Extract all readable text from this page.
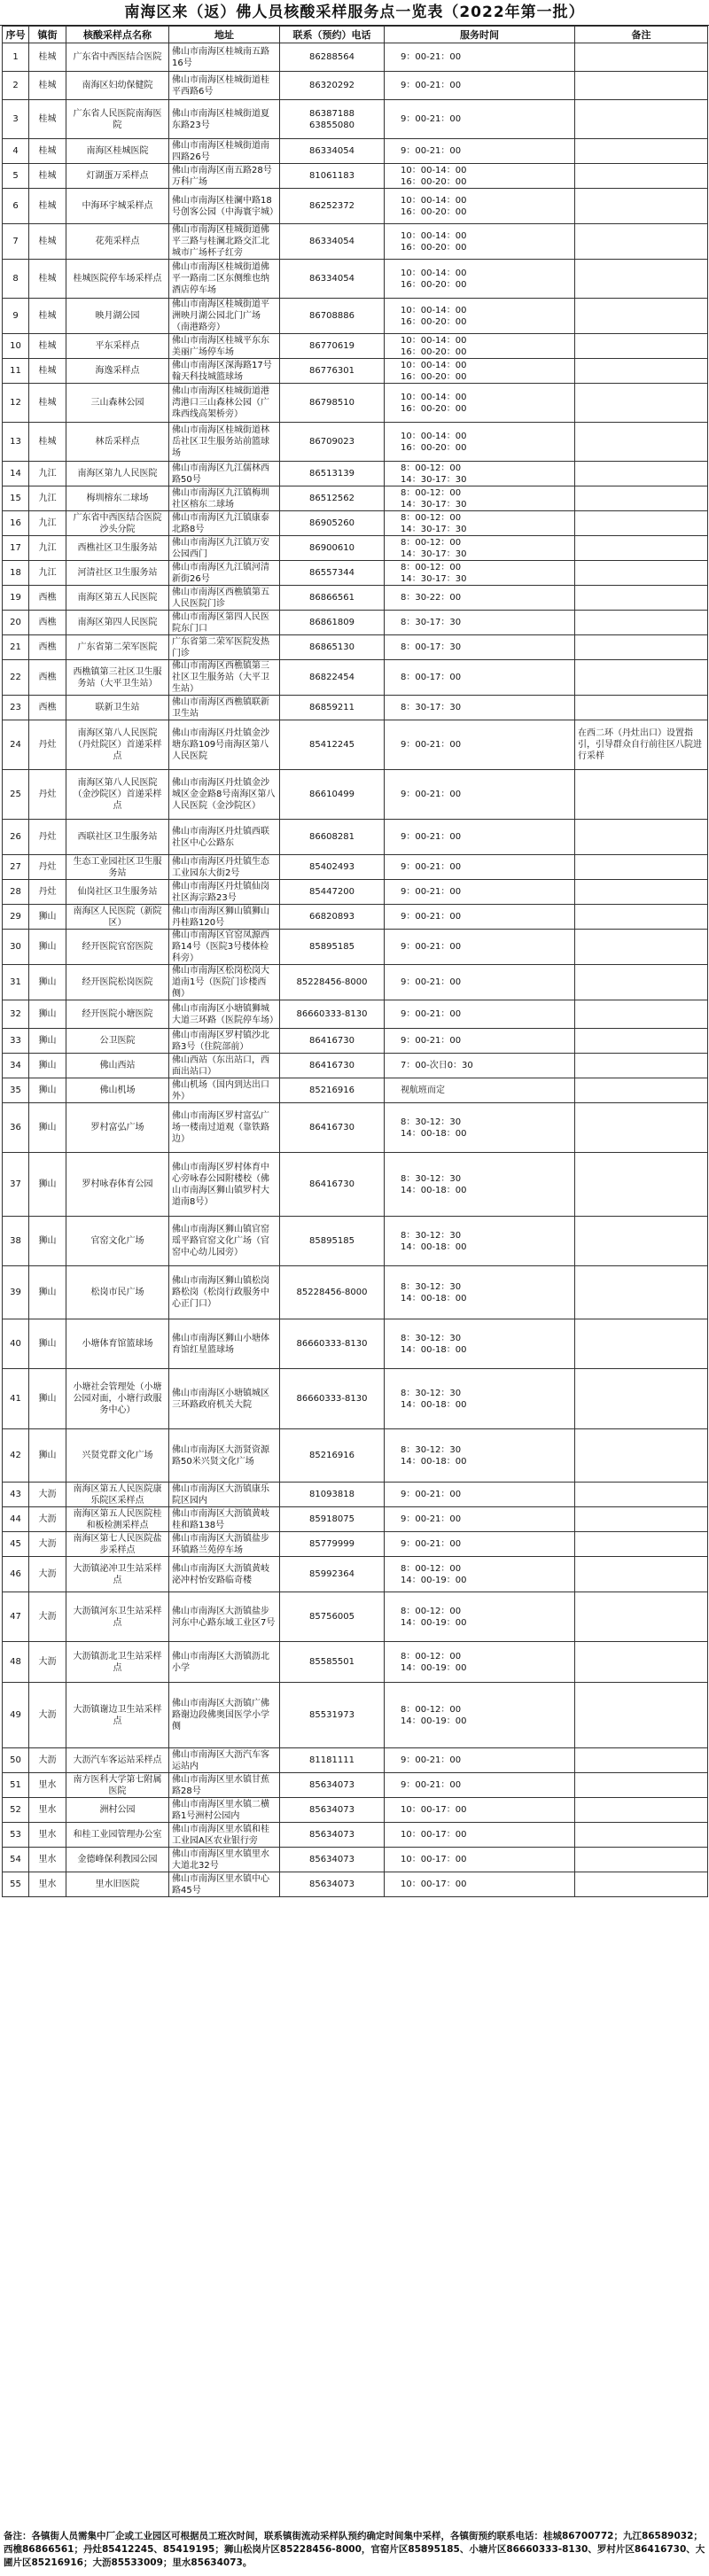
南海区来（返）佛人员核酸采样服务点一览表（2022年第一批）
序号	镇街	核酸采样点名称	地址	联系（预约）电话	服务时间	备注
1	桂城	广东省中西医结合医院	佛山市南海区桂城南五路16号	86288564	9：00-21：00	
2	桂城	南海区妇幼保健院	佛山市南海区桂城街道桂平西路6号	86320292	9：00-21：00	
3	桂城	广东省人民医院南海医院	佛山市南海区桂城街道夏东路23号	86387188
63855080	9：00-21：00	
4	桂城	南海区桂城医院	佛山市南海区桂城街道南四路26号	86334054	9：00-21：00	
5	桂城	灯湖蛋万采样点	佛山市南海区南五路28号万科广场	81061183	10：00-14：00
16：00-20：00	
6	桂城	中海环宇城采样点	佛山市南海区桂澜中路18号创客公园（中海寰宇城）	86252372	10：00-14：00
16：00-20：00	
7	桂城	花苑采样点	佛山市南海区桂城街道佛平三路与桂澜北路交汇北城市广场杯子红旁	86334054	10：00-14：00
16：00-20：00	
8	桂城	桂城医院停车场采样点	佛山市南海区桂城街道佛平一路南二区东侧维也纳酒店停车场	86334054	10：00-14：00
16：00-20：00	
9	桂城	映月湖公园	佛山市南海区桂城街道平洲映月湖公园北门广场（南港路旁）	86708886	10：00-14：00
16：00-20：00	
10	桂城	平东采样点	佛山市南海区桂城平东东美丽广场停车场	86770619	10：00-14：00
16：00-20：00	
11	桂城	海逸采样点	佛山市南海区深海路17号翰天科技城篮球场	86776301	10：00-14：00
16：00-20：00	
12	桂城	三山森林公园	佛山市南海区桂城街道港湾港口三山森林公园（广珠西线高架桥旁）	86798510	10：00-14：00
16：00-20：00	
13	桂城	林岳采样点	佛山市南海区桂城街道林岳社区卫生服务站前篮球场	86709023	10：00-14：00
16：00-20：00	
14	九江	南海区第九人民医院	佛山市南海区九江儒林西路50号	86513139	8：00-12：00
14：30-17：30	
15	九江	梅圳榕东二球场	佛山市南海区九江镇梅圳社区榕东二球场	86512562	8：00-12：00
14：30-17：30	
16	九江	广东省中西医结合医院沙头分院	佛山市南海区九江镇康泰北路8号	86905260	8：00-12：00
14：30-17：30	
17	九江	西樵社区卫生服务站	佛山市南海区九江镇万安公园西门	86900610	8：00-12：00
14：30-17：30	
18	九江	河清社区卫生服务站	佛山市南海区九江镇河清新街26号	86557344	8：00-12：00
14：30-17：30	
19	西樵	南海区第五人民医院	佛山市南海区西樵镇第五人民医院门诊	86866561	8：30-22：00	
20	西樵	南海区第四人民医院	佛山市南海区第四人民医院东门口	86861809	8：30-17：30	
21	西樵	广东省第二荣军医院	广东省第二荣军医院发热门诊	86865130	8：00-17：30	
22	西樵	西樵镇第三社区卫生服务站（大平卫生站）	佛山市南海区西樵镇第三社区卫生服务站（大平卫生站）	86822454	8：00-17：00	
23	西樵	联新卫生站	佛山市南海区西樵镇联新卫生站	86859211	8：30-17：30	
24	丹灶	南海区第八人民医院（丹灶院区）首递采样点	佛山市南海区丹灶镇金沙塘东路109号南海区第八人民医院	85412245	9：00-21：00	在西二环（丹灶出口）设置指引，引导群众自行前往区八院进行采样
25	丹灶	南海区第八人民医院（金沙院区）首递采样点	佛山市南海区丹灶镇金沙城区金金路8号南海区第八人民医院（金沙院区）	86610499	9：00-21：00	
26	丹灶	西联社区卫生服务站	佛山市南海区丹灶镇西联社区中心公路东	86608281	9：00-21：00	
27	丹灶	生态工业园社区卫生服务站	佛山市南海区丹灶镇生态工业园东大街2号	85402493	9：00-21：00	
28	丹灶	仙岗社区卫生服务站	佛山市南海区丹灶镇仙岗社区海宗路23号	85447200	9：00-21：00	
29	狮山	南海区人民医院（新院区）	佛山市南海区狮山镇狮山丹桂路120号	66820893	9：00-21：00	
30	狮山	经开医院官窑医院	佛山市南海区官窑凤源西路14号（医院3号楼体检科旁）	85895185	9：00-21：00	
31	狮山	经开医院松岗医院	佛山市南海区松岗松岗大道南1号（医院门诊楼西侧）	85228456-8000	9：00-21：00	
32	狮山	经开医院小塘医院	佛山市南海区小塘镇狮城大道三环路（医院停车场）	86660333-8130	9：00-21：00	
33	狮山	公卫医院	佛山市南海区罗村镇沙北路3号（住院部前）	86416730	9：00-21：00	
34	狮山	佛山西站	佛山西站（东出站口，西面出站口）	86416730	7：00-次日0：30	
35	狮山	佛山机场	佛山机场（国内到达出口外）	85216916	视航班而定	
36	狮山	罗村富弘广场	佛山市南海区罗村富弘广场一楼南过道观（靠铁路边）	86416730	8：30-12：30
14：00-18：00	
37	狮山	罗村咏春体育公园	佛山市南海区罗村体育中心旁咏春公园附楼校（佛山市南海区狮山镇罗村大道南8号）	86416730	8：30-12：30
14：00-18：00	
38	狮山	官窑文化广场	佛山市南海区狮山镇官窑瑶平路官窑文化广场（官窑中心幼儿园旁）	85895185	8：30-12：30
14：00-18：00	
39	狮山	松岗市民广场	佛山市南海区狮山镇松岗路松岗（松岗行政服务中心正门口）	85228456-8000	8：30-12：30
14：00-18：00	
40	狮山	小塘体育馆篮球场	佛山市南海区狮山小塘体育馆红星篮球场	86660333-8130	8：30-12：30
14：00-18：00	
41	狮山	小塘社会管理处（小塘公园对面，小塘行政服务中心）	佛山市南海区小塘镇城区三环路政府机关大院	86660333-8130	8：30-12：30
14：00-18：00	
42	狮山	兴贤党群文化广场	佛山市南海区大沥贤资源路50米兴贤文化广场	85216916	8：30-12：30
14：00-18：00	
43	大沥	南海区第五人民医院康乐院区采样点	佛山市南海区大沥镇康乐院区园内	81093818	9：00-21：00	
44	大沥	南海区第五人民医院桂和板检测采样点	佛山市南海区大沥镇黄岐桂和路138号	85918075	9：00-21：00	
45	大沥	南海区第七人民医院盐步采样点	佛山市南海区大沥镇盐步环镇路兰苑停车场	85779999	9：00-21：00	
46	大沥	大沥镇泌冲卫生站采样点	佛山市南海区大沥镇黄岐泌冲村怡安路临奇楼	85992364	8：00-12：00
14：00-19：00	
47	大沥	大沥镇河东卫生站采样点	佛山市南海区大沥镇盐步河东中心路东域工业区7号	85756005	8：00-12：00
14：00-19：00	
48	大沥	大沥镇沥北卫生站采样点	佛山市南海区大沥镇沥北小学	85585501	8：00-12：00
14：00-19：00	
49	大沥	大沥镇谢边卫生站采样点	佛山市南海区大沥镇广佛路谢边段佛奥国医学小学侧	85531973	8：00-12：00
14：00-19：00	
50	大沥	大沥汽车客运站采样点	佛山市南海区大沥汽车客运站内	81181111	9：00-21：00	
51	里水	南方医科大学第七附属医院	佛山市南海区里水镇甘蕉路28号	85634073	9：00-21：00	
52	里水	洲村公园	佛山市南海区里水镇二横路1号洲村公园内	85634073	10：00-17：00	
53	里水	和桂工业园管理办公室	佛山市南海区里水镇和桂工业园A区农业银行旁	85634073	10：00-17：00	
54	里水	金德峰保利教园公园	佛山市南海区里水镇里水大道北32号	85634073	10：00-17：00	
55	里水	里水旧医院	佛山市南海区里水镇中心路45号	85634073	10：00-17：00	
备注：各镇街人员需集中厂企或工业园区可根据员工班次时间，联系镇街流动采样队预约确定时间集中采样，各镇街预约联系电话：桂城86700772；九江86589032；西樵86866561；丹灶85412245、85419195；狮山松岗片区85228456-8000，官窑片区85895185、小塘片区86660333-8130、罗村片区86416730、大圃片区85216916；大沥85533009；里水85634073。
